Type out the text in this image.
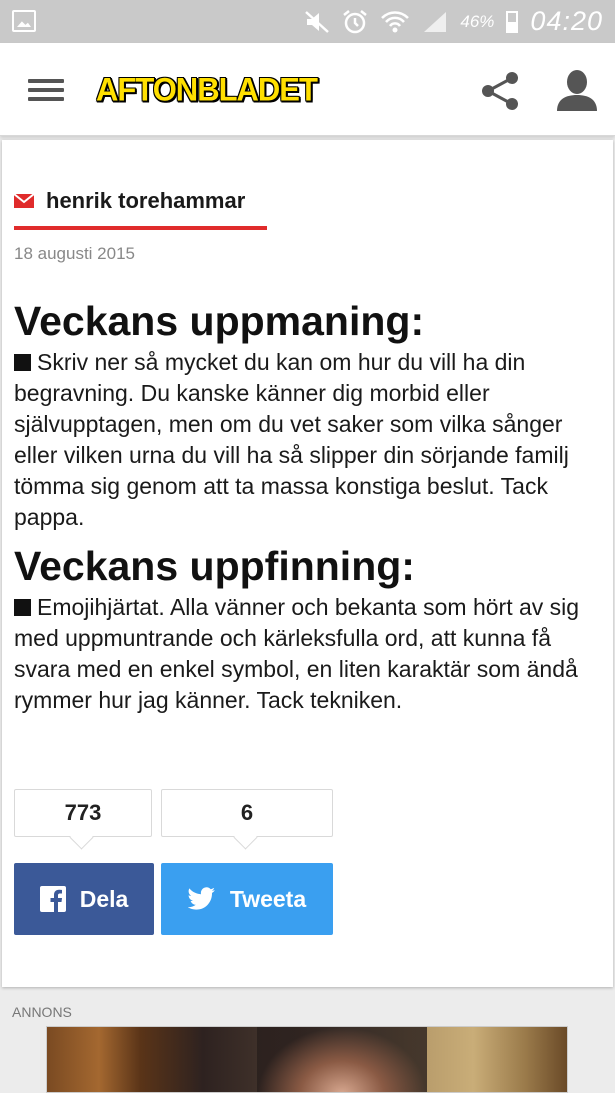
46% 04:20
AFTONBLADET
henrik torehammar
18 augusti 2015
Veckans uppmaning:
Skriv ner så mycket du kan om hur du vill ha din begravning. Du kanske känner dig morbid eller självupptagen, men om du vet saker som vilka sånger eller vilken urna du vill ha så slipper din sörjande familj tömma sig genom att ta massa konstiga beslut. Tack pappa.
Veckans uppfinning:
Emojihjärtat. Alla vänner och bekanta som hört av sig med uppmuntrande och kärleksfulla ord, att kunna få svara med en enkel symbol, en liten karaktär som ändå rymmer hur jag känner. Tack tekniken.
773	6
Dela	Tweeta
ANNONS
